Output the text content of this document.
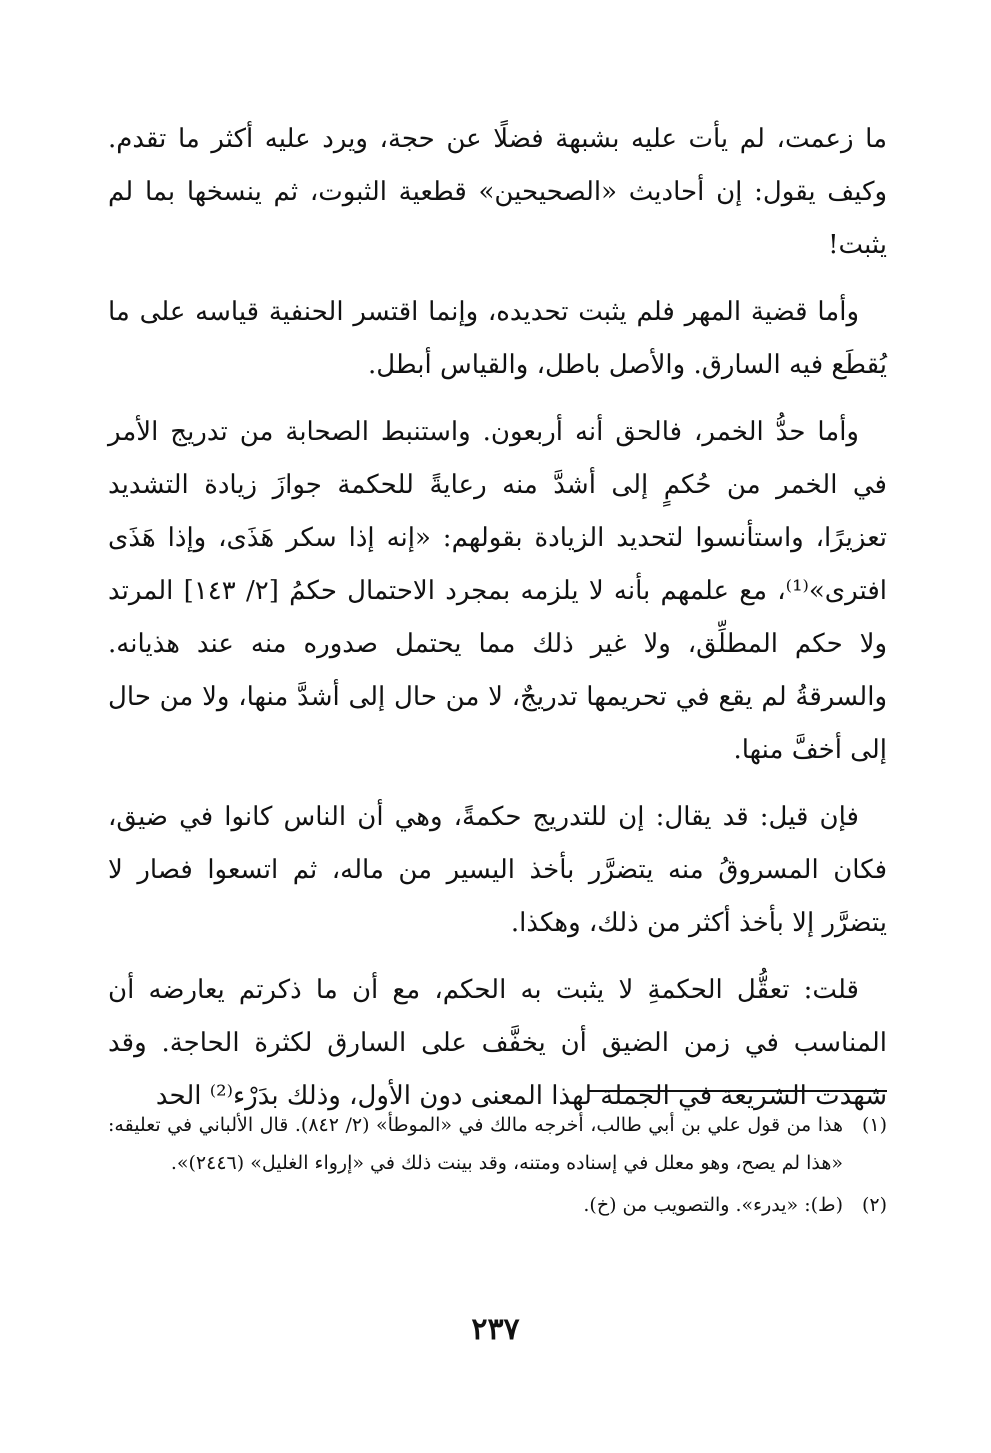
ما زعمت، لم يأت عليه بشبهة فضلًا عن حجة، ويرد عليه أكثر ما تقدم. وكيف يقول: إن أحاديث «الصحيحين» قطعية الثبوت، ثم ينسخها بما لم يثبت!

وأما قضية المهر فلم يثبت تحديده، وإنما اقتسر الحنفية قياسه على ما يُقطَع فيه السارق. والأصل باطل، والقياس أبطل.

وأما حدُّ الخمر، فالحق أنه أربعون. واستنبط الصحابة من تدريج الأمر في الخمر من حُكمٍ إلى أشدَّ منه رعايةً للحكمة جوازَ زيادة التشديد تعزيرًا، واستأنسوا لتحديد الزيادة بقولهم: «إنه إذا سكر هَذَى، وإذا هَذَى افترى»⁽¹⁾، مع علمهم بأنه لا يلزمه بمجرد الاحتمال حكمُ [٢/ ١٤٣] المرتد ولا حكم المطلِّق، ولا غير ذلك مما يحتمل صدوره منه عند هذيانه. والسرقةُ لم يقع في تحريمها تدريجٌ، لا من حال إلى أشدَّ منها، ولا من حال إلى أخفَّ منها.

فإن قيل: قد يقال: إن للتدريج حكمةً، وهي أن الناس كانوا في ضيق، فكان المسروقُ منه يتضرَّر بأخذ اليسير من ماله، ثم اتسعوا فصار لا يتضرَّر إلا بأخذ أكثر من ذلك، وهكذا.

قلت: تعقُّل الحكمةِ لا يثبت به الحكم، مع أن ما ذكرتم يعارضه أن المناسب في زمن الضيق أن يخفَّف على السارق لكثرة الحاجة. وقد شهدت الشريعة في الجملة لهذا المعنى دون الأول، وذلك بدَرْء⁽²⁾ الحد

(١)
هذا من قول علي بن أبي طالب، أخرجه مالك في «الموطأ» (٢/ ٨٤٢). قال الألباني في تعليقه: «هذا لم يصح، وهو معلل في إسناده ومتنه، وقد بينت ذلك في «إرواء الغليل» (٢٤٤٦)».
(٢)
(ط): «يدرء». والتصويب من (خ).
٢٣٧
